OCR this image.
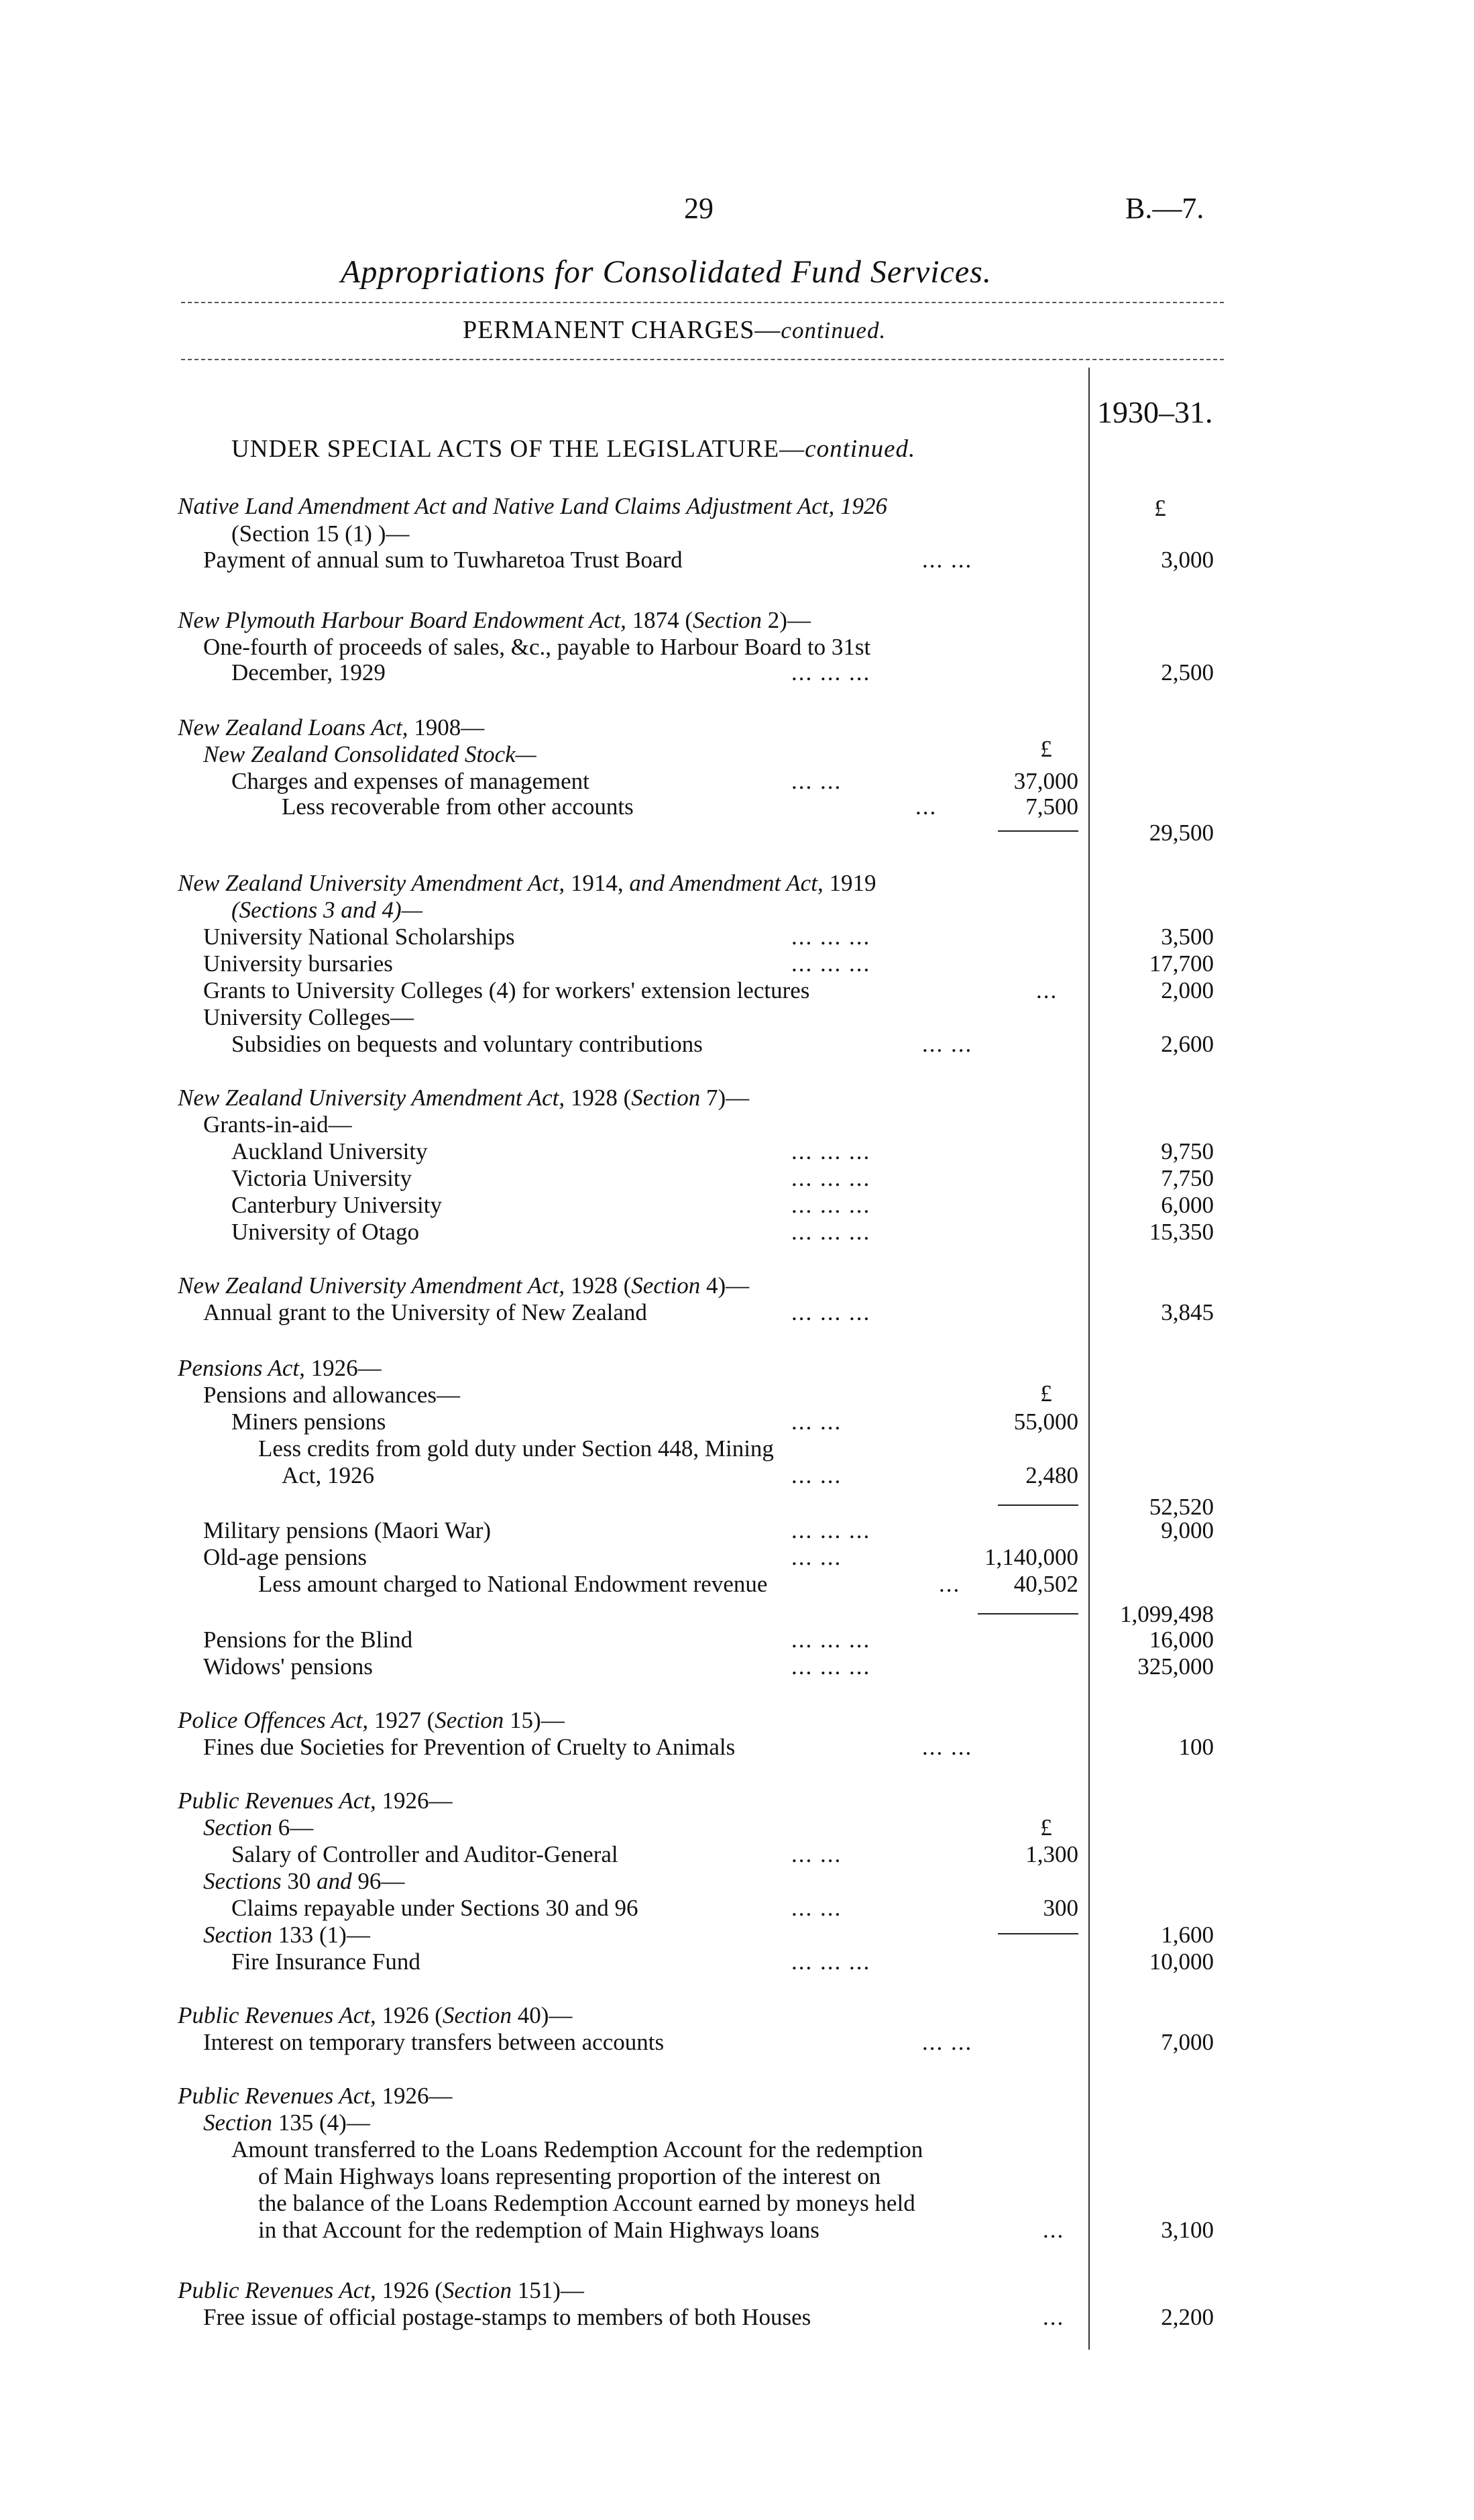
29	B.—7.
Appropriations for Consolidated Fund Services.
PERMANENT CHARGES—continued.
1930–31.
UNDER SPECIAL ACTS OF THE LEGISLATURE—continued.
£
Native Land Amendment Act and Native Land Claims Adjustment Act, 1926
(Section 15 (1) )—
Payment of annual sum to Tuwharetoa Trust Board	... ...	3,000
New Plymouth Harbour Board Endowment Act, 1874 (Section 2)—
One-fourth of proceeds of sales, &c., payable to Harbour Board to 31st
December, 1929	... ... ...	2,500
New Zealand Loans Act, 1908—
New Zealand Consolidated Stock—	£
Charges and expenses of management	... ...	37,000
Less recoverable from other accounts	...	7,500
29,500
New Zealand University Amendment Act, 1914, and Amendment Act, 1919
(Sections 3 and 4)—
University National Scholarships	... ... ...	3,500
University bursaries	... ... ...	17,700
Grants to University Colleges (4) for workers' extension lectures	...	2,000
University Colleges—
Subsidies on bequests and voluntary contributions	... ...	2,600
New Zealand University Amendment Act, 1928 (Section 7)—
Grants-in-aid—
Auckland University	... ... ...	9,750
Victoria University	... ... ...	7,750
Canterbury University	... ... ...	6,000
University of Otago	... ... ...	15,350
New Zealand University Amendment Act, 1928 (Section 4)—
Annual grant to the University of New Zealand	... ... ...	3,845
Pensions Act, 1926—
Pensions and allowances—	£
Miners pensions	... ...	55,000
Less credits from gold duty under Section 448, Mining
Act, 1926	... ...	2,480
52,520
Military pensions (Maori War)	... ... ...	9,000
Old-age pensions	... ...	1,140,000
Less amount charged to National Endowment revenue	...	40,502
1,099,498
Pensions for the Blind	... ... ...	16,000
Widows' pensions	... ... ...	325,000
Police Offences Act, 1927 (Section 15)—
Fines due Societies for Prevention of Cruelty to Animals	... ...	100
Public Revenues Act, 1926—
Section 6—	£
Salary of Controller and Auditor-General	... ...	1,300
Sections 30 and 96—
Claims repayable under Sections 30 and 96	... ...	300
Section 133 (1)—	1,600
Fire Insurance Fund	... ... ...	10,000
Public Revenues Act, 1926 (Section 40)—
Interest on temporary transfers between accounts	... ...	7,000
Public Revenues Act, 1926—
Section 135 (4)—
Amount transferred to the Loans Redemption Account for the redemption
of Main Highways loans representing proportion of the interest on
the balance of the Loans Redemption Account earned by moneys held
in that Account for the redemption of Main Highways loans	...	3,100
Public Revenues Act, 1926 (Section 151)—
Free issue of official postage-stamps to members of both Houses	...	2,200
